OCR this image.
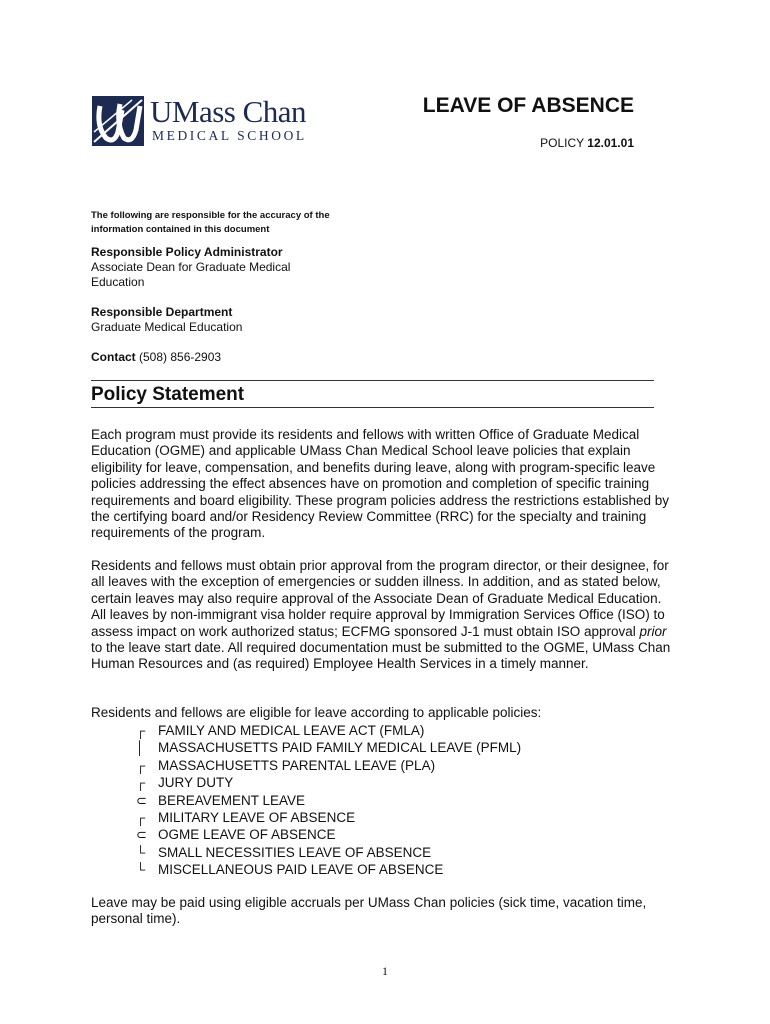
UMass Chan
MEDICAL SCHOOL
LEAVE OF ABSENCE
POLICY 12.01.01
The following are responsible for the accuracy of the information contained in this document
Responsible Policy Administrator
Associate Dean for Graduate Medical Education
Responsible Department
Graduate Medical Education
Contact (508) 856-2903
Policy Statement
Each program must provide its residents and fellows with written Office of Graduate Medical Education (OGME) and applicable UMass Chan Medical School leave policies that explain eligibility for leave, compensation, and benefits during leave, along with program-specific leave policies addressing the effect absences have on promotion and completion of specific training requirements and board eligibility. These program policies address the restrictions established by the certifying board and/or Residency Review Committee (RRC) for the specialty and training requirements of the program.
Residents and fellows must obtain prior approval from the program director, or their designee, for all leaves with the exception of emergencies or sudden illness. In addition, and as stated below, certain leaves may also require approval of the Associate Dean of Graduate Medical Education. All leaves by non-immigrant visa holder require approval by Immigration Services Office (ISO) to assess impact on work authorized status; ECFMG sponsored J-1 must obtain ISO approval prior to the leave start date. All required documentation must be submitted to the OGME, UMass Chan Human Resources and (as required) Employee Health Services in a timely manner.
Residents and fellows are eligible for leave according to applicable policies:
┌ FAMILY AND MEDICAL LEAVE ACT (FMLA)
│	MASSACHUSETTS PAID FAMILY MEDICAL LEAVE (PFML)
┌ MASSACHUSETTS PARENTAL LEAVE (PLA)
┌ JURY DUTY
⊂ BEREAVEMENT LEAVE
┌ MILITARY LEAVE OF ABSENCE
⊂ OGME LEAVE OF ABSENCE
└ SMALL NECESSITIES LEAVE OF ABSENCE
└ MISCELLANEOUS PAID LEAVE OF ABSENCE
Leave may be paid using eligible accruals per UMass Chan policies (sick time, vacation time, personal time).
1
